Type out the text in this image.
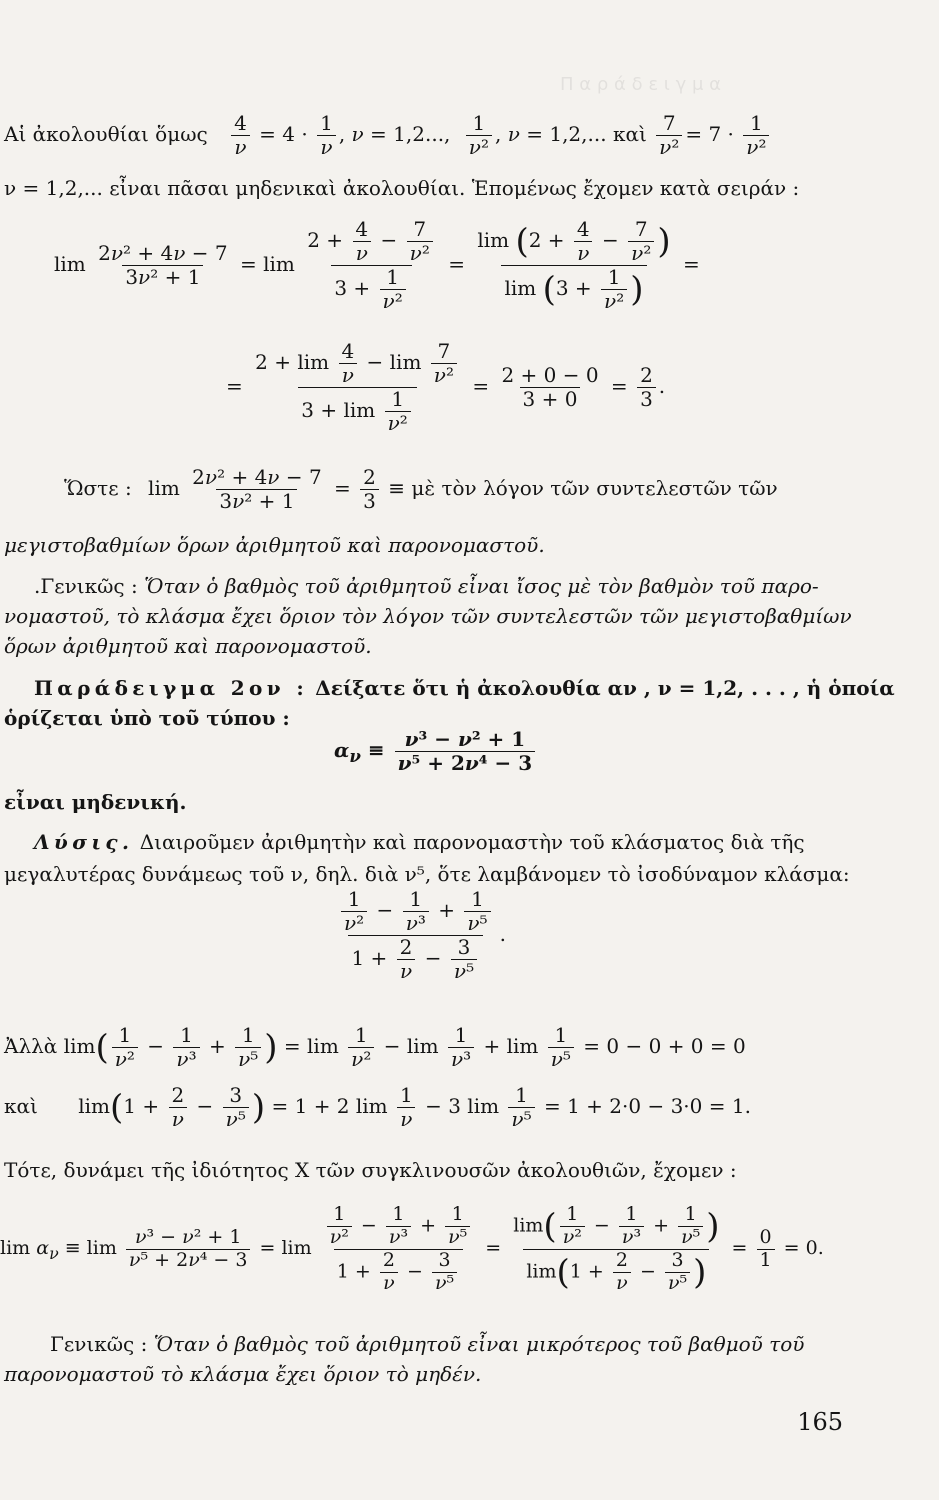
Π α ρ ά δ ε ι γ μ α
Αἱ ἀκολουθίαι ὅμως $\frac{4}{\nu} = 4 \cdot \frac{1}{\nu}$ , ν = 1,2..., $\frac{1}{\text{ν²}}$ , ν = 1,2,... καὶ $\frac{7}{\text{ν²}} = 7 \cdot \frac{1}{\text{ν²}}$
ν = 1,2,... εἶναι πᾶσαι μηδενικαὶ ἀκολουθίαι. Ἑπομένως ἔχομεν κατὰ σειράν :
$\lim \frac{\text{2ν² + 4ν − 7}}{\text{3ν² + 1}} = \lim \frac{2 + \frac{4}{\nu} - \frac{7}{\text{ν²}}}{3 + \frac{1}{\text{ν²}}} = \frac{\lim (2 + \frac{4}{\nu} - \frac{7}{\text{ν²}} )}{\lim (3 + \frac{1}{\text{ν²}} )}$ =
= $\frac{2 + \lim \frac{4}{\nu} - \lim \frac{7}{\text{ν²}}}{3 + \lim \frac{1}{\text{ν²}}} = \frac{2 + 0 - 0}{3 + 0} = \frac{2}{3}$ .
Ὥστε : $\lim \frac{\text{2ν² + 4ν − 7}}{\text{3ν² + 1}} = \frac{2}{3}$ ≡ μὲ τὸν λόγον τῶν συντελεστῶν τῶν
μεγιστοβαθμίων ὅρων ἀριθμητοῦ καὶ παρονομαστοῦ.
.Γενικῶς : Ὅταν ὁ βαθμὸς τοῦ ἀριθμητοῦ εἶναι ἴσος μὲ τὸν βαθμὸν τοῦ παρο-
νομαστοῦ, τὸ κλάσμα ἔχει ὅριον τὸν λόγον τῶν συντελεστῶν τῶν μεγιστοβαθμίων
ὅρων ἀριθμητοῦ καὶ παρονομαστοῦ.
Παράδειγμα 2ον : Δείξατε ὅτι ἡ ἀκολουθία αν , ν = 1,2, . . . , ἡ ὁποία
ὁρίζεται ὑπὸ τοῦ τύπου :
$\alpha_\nu \equiv \frac{\text{ν³ − ν² + 1}}{\text{ν⁵ + 2ν⁴ − 3}}$
εἶναι μηδενική.
Λύσις. Διαιροῦμεν ἀριθμητὴν καὶ παρονομαστὴν τοῦ κλάσματος διὰ τῆς
μεγαλυτέρας δυνάμεως τοῦ ν, δηλ. διὰ ν⁵, ὅτε λαμβάνομεν τὸ ἰσοδύναμον κλάσμα:
$\frac{\frac{1}{\text{ν²}} - \frac{1}{\text{ν³}} + \frac{1}{\text{ν⁵}}}{1 + \frac{2}{\nu} - \frac{3}{\text{ν⁵}}}$ .
Ἀλλὰ $\lim( \frac{1}{\text{ν²}} - \frac{1}{\text{ν³}} + \frac{1}{\text{ν⁵}}$ ) = $\lim \frac{1}{\text{ν²}} - \lim \frac{1}{\text{ν³}} + \lim \frac{1}{\text{ν⁵}} = 0 - 0 + 0 = 0$
καὶ $\lim(1 + \frac{2}{\nu} - \frac{3}{\text{ν⁵}}$ ) = 1 + 2 $\lim \frac{1}{\nu} - 3$ $\lim \frac{1}{\text{ν⁵}} = 1 + 2\cdot 0 - 3\cdot 0 = 1$.
Τότε, δυνάμει τῆς ἰδιότητος Χ τῶν συγκλινουσῶν ἀκολουθιῶν, ἔχομεν :
$\lim \alpha_\nu \equiv \lim \frac{\text{ν³ − ν² + 1}}{\text{ν⁵ + 2ν⁴ − 3}} = \lim \frac{\frac{1}{\text{ν²}} - \frac{1}{\text{ν³}} + \frac{1}{\text{ν⁵}}}{1 + \frac{2}{\nu} - \frac{3}{\text{ν⁵}}} = \frac{\lim( \frac{1}{\text{ν²}} - \frac{1}{\text{ν³}} + \frac{1}{\text{ν⁵}} )}{\lim(1 + \frac{2}{\nu} - \frac{3}{\text{ν⁵}} )} = \frac{0}{1} = 0$.
Γενικῶς : Ὅταν ὁ βαθμὸς τοῦ ἀριθμητοῦ εἶναι μικρότερος τοῦ βαθμοῦ τοῦ
παρονομαστοῦ τὸ κλάσμα ἔχει ὅριον τὸ μηδέν.
165
